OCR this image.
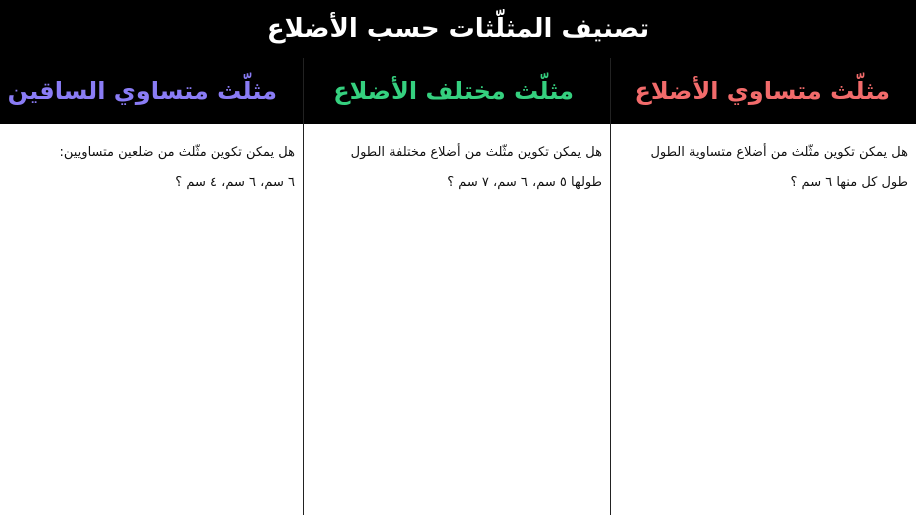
تصنيف المثلّثات حسب الأضلاع
مثلّث متساوي الأضلاع
هل يمكن تكوين مثّلث من أضلاع متساوية الطول
طول كل منها ٦ سم ؟
مثلّث مختلف الأضلاع
هل يمكن تكوين مثّلث من أضلاع مختلفة الطول
طولها ٥ سم، ٦ سم، ٧ سم ؟
مثلّث متساوي الساقين
هل يمكن تكوين مثّلث من ضلعين متساويين:
٦ سم، ٦ سم، ٤ سم ؟
